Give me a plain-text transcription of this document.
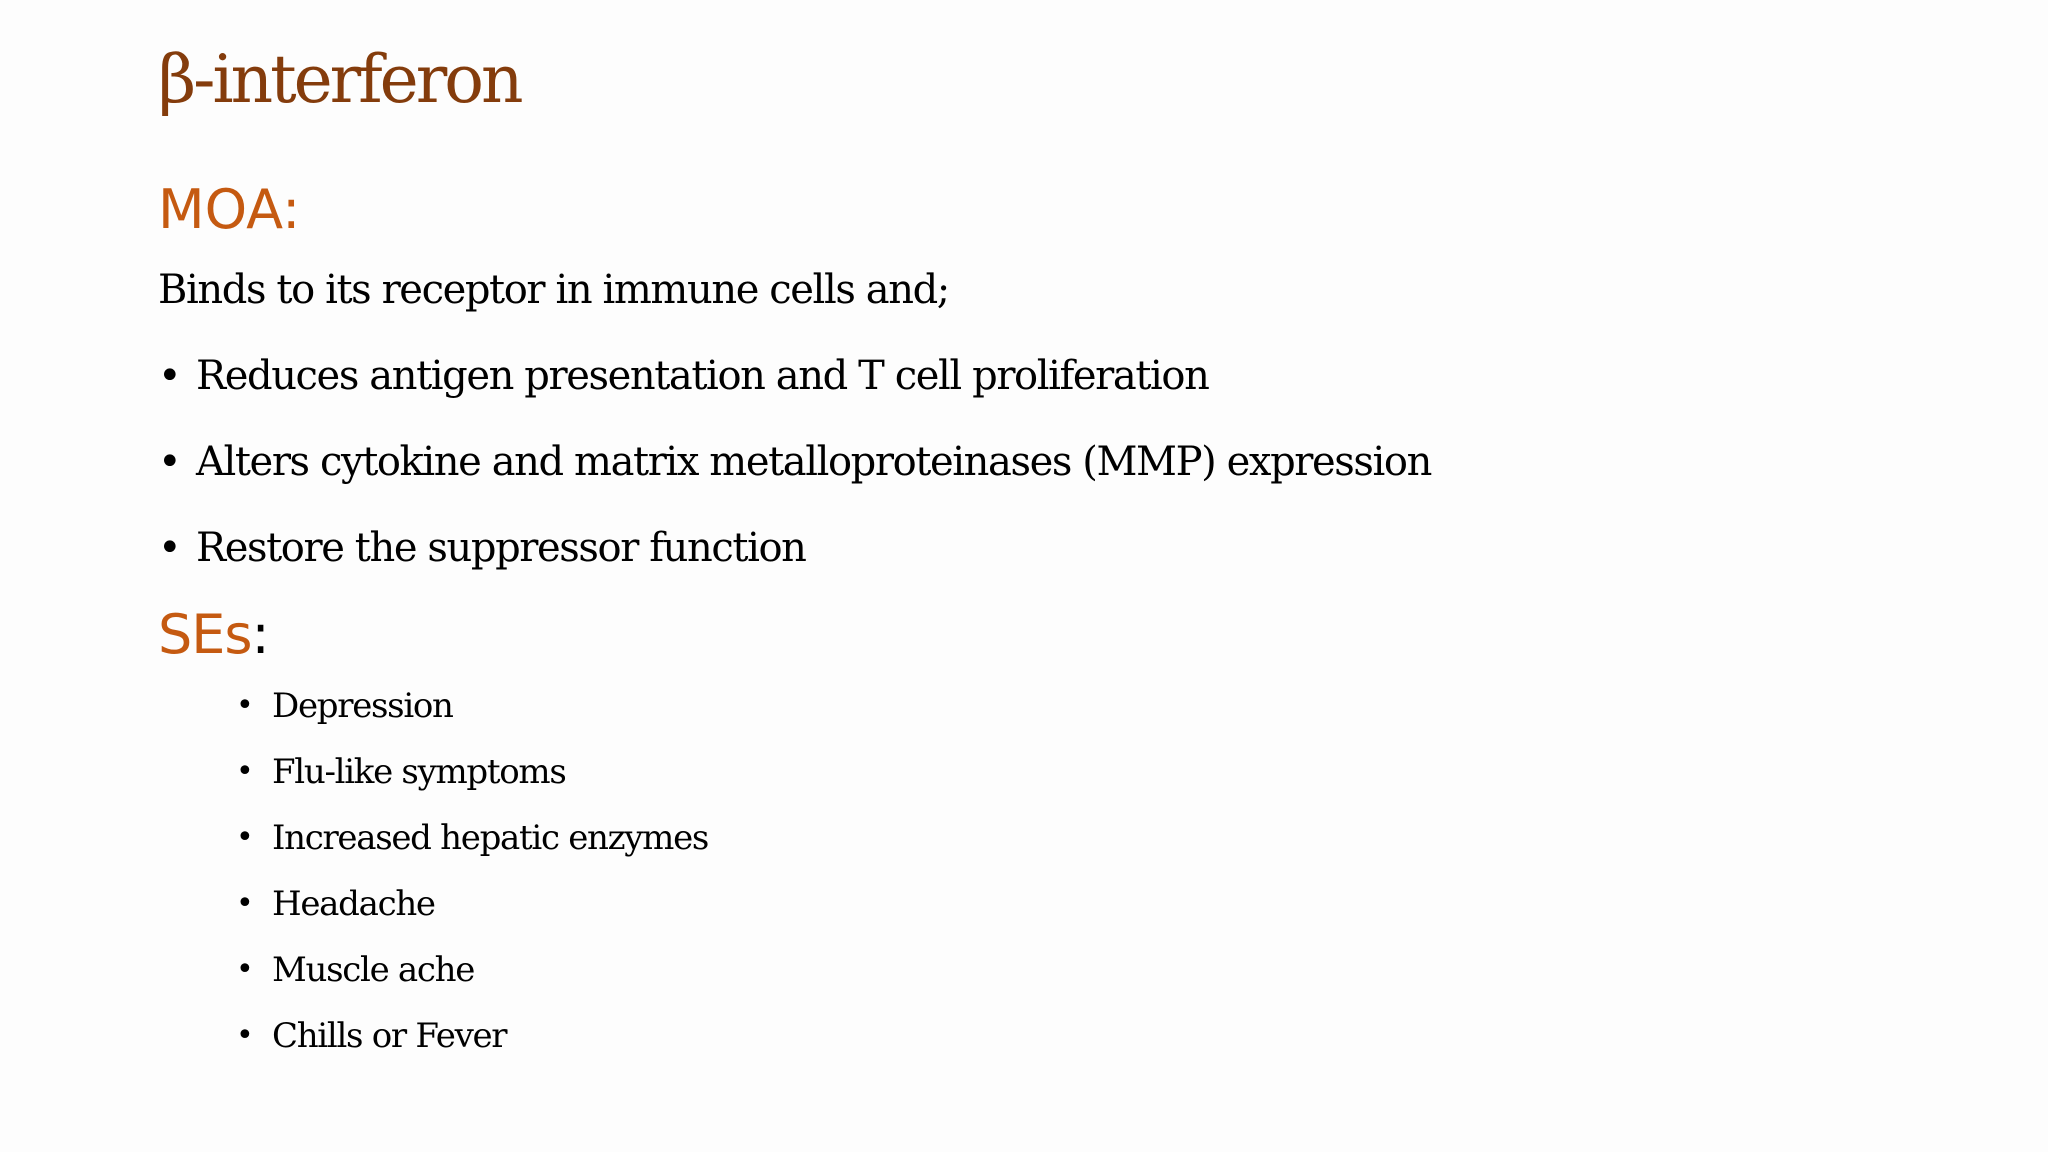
β-interferon
MOA:
Binds to its receptor in immune cells and;
• Reduces antigen presentation and T cell proliferation
• Alters cytokine and matrix metalloproteinases (MMP) expression
• Restore the suppressor function
SEs:
• Depression
• Flu-like symptoms
• Increased hepatic enzymes
• Headache
• Muscle ache
• Chills or Fever
